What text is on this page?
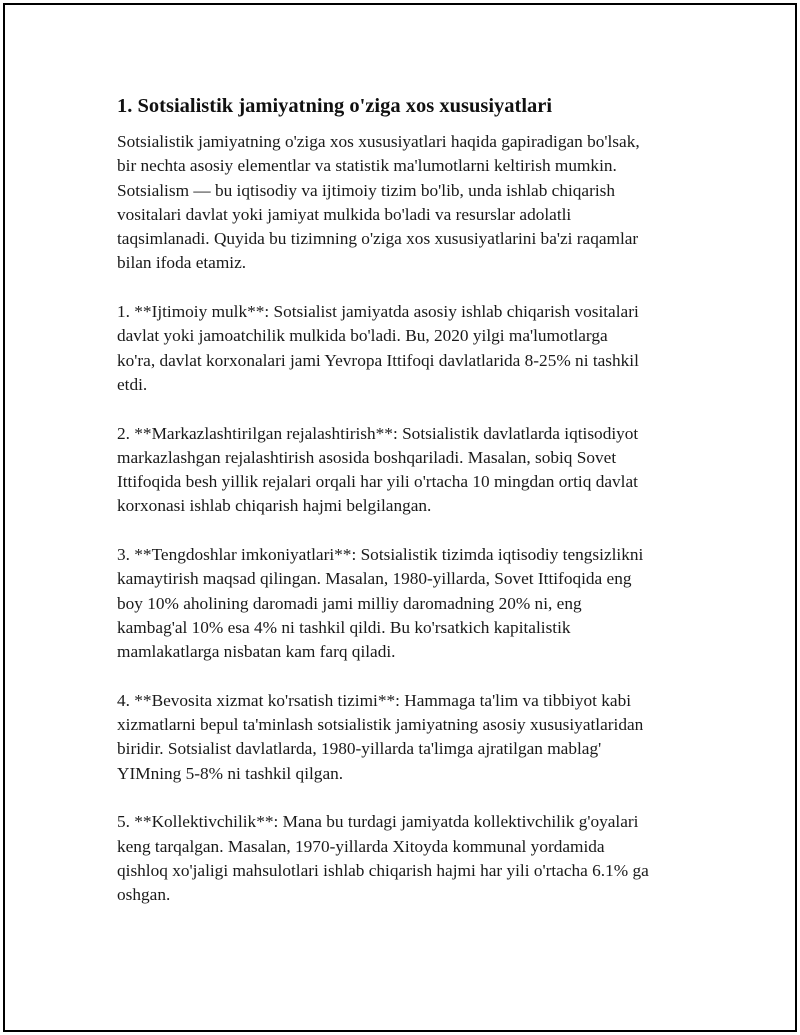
1. Sotsialistik jamiyatning o'ziga xos xususiyatlari

Sotsialistik jamiyatning o'ziga xos xususiyatlari haqida gapiradigan bo'lsak,
bir nechta asosiy elementlar va statistik ma'lumotlarni keltirish mumkin.
Sotsialism — bu iqtisodiy va ijtimoiy tizim bo'lib, unda ishlab chiqarish
vositalari davlat yoki jamiyat mulkida bo'ladi va resurslar adolatli
taqsimlanadi. Quyida bu tizimning o'ziga xos xususiyatlarini ba'zi raqamlar
bilan ifoda etamiz.

1. **Ijtimoiy mulk**: Sotsialist jamiyatda asosiy ishlab chiqarish vositalari
davlat yoki jamoatchilik mulkida bo'ladi. Bu, 2020 yilgi ma'lumotlarga
ko'ra, davlat korxonalari jami Yevropa Ittifoqi davlatlarida 8-25% ni tashkil
etdi.

2. **Markazlashtirilgan rejalashtirish**: Sotsialistik davlatlarda iqtisodiyot
markazlashgan rejalashtirish asosida boshqariladi. Masalan, sobiq Sovet
Ittifoqida besh yillik rejalari orqali har yili o'rtacha 10 mingdan ortiq davlat
korxonasi ishlab chiqarish hajmi belgilangan.

3. **Tengdoshlar imkoniyatlari**: Sotsialistik tizimda iqtisodiy tengsizlikni
kamaytirish maqsad qilingan. Masalan, 1980-yillarda, Sovet Ittifoqida eng
boy 10% aholining daromadi jami milliy daromadning 20% ni, eng
kambag'al 10% esa 4% ni tashkil qildi. Bu ko'rsatkich kapitalistik
mamlakatlarga nisbatan kam farq qiladi.

4. **Bevosita xizmat ko'rsatish tizimi**: Hammaga ta'lim va tibbiyot kabi
xizmatlarni bepul ta'minlash sotsialistik jamiyatning asosiy xususiyatlaridan
biridir. Sotsialist davlatlarda, 1980-yillarda ta'limga ajratilgan mablag'
YIMning 5-8% ni tashkil qilgan.

5. **Kollektivchilik**: Mana bu turdagi jamiyatda kollektivchilik g'oyalari
keng tarqalgan. Masalan, 1970-yillarda Xitoyda kommunal yordamida
qishloq xo'jaligi mahsulotlari ishlab chiqarish hajmi har yili o'rtacha 6.1% ga
oshgan.
